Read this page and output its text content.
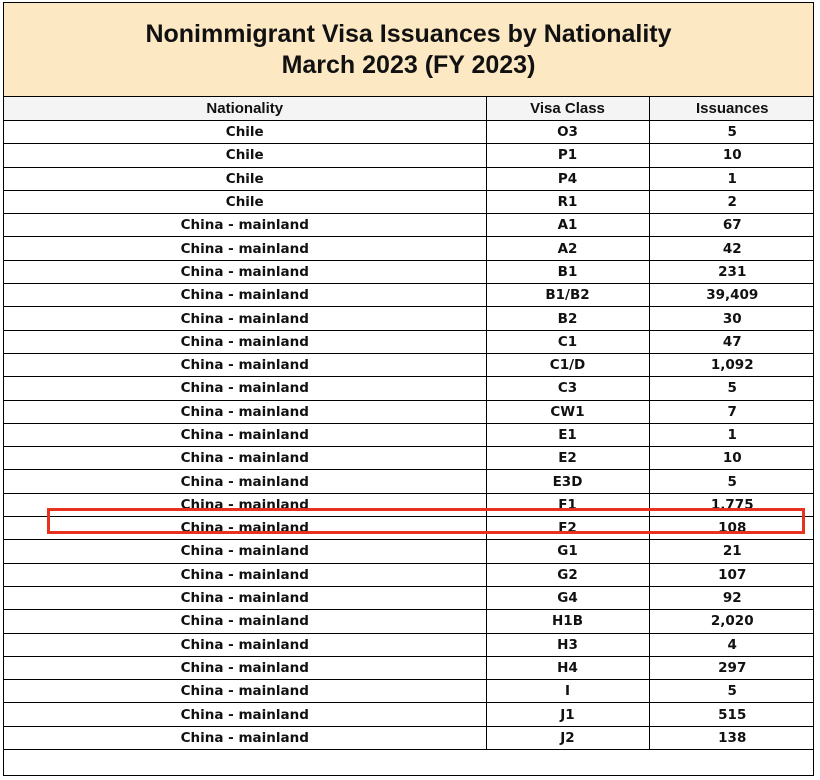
Nonimmigrant Visa Issuances by Nationality
March 2023 (FY 2023)
Nationality	Visa Class	Issuances
Chile	O3	5
Chile	P1	10
Chile	P4	1
Chile	R1	2
China - mainland	A1	67
China - mainland	A2	42
China - mainland	B1	231
China - mainland	B1/B2	39,409
China - mainland	B2	30
China - mainland	C1	47
China - mainland	C1/D	1,092
China - mainland	C3	5
China - mainland	CW1	7
China - mainland	E1	1
China - mainland	E2	10
China - mainland	E3D	5
China - mainland	F1	1,775
China - mainland	F2	108
China - mainland	G1	21
China - mainland	G2	107
China - mainland	G4	92
China - mainland	H1B	2,020
China - mainland	H3	4
China - mainland	H4	297
China - mainland	I	5
China - mainland	J1	515
China - mainland	J2	138
